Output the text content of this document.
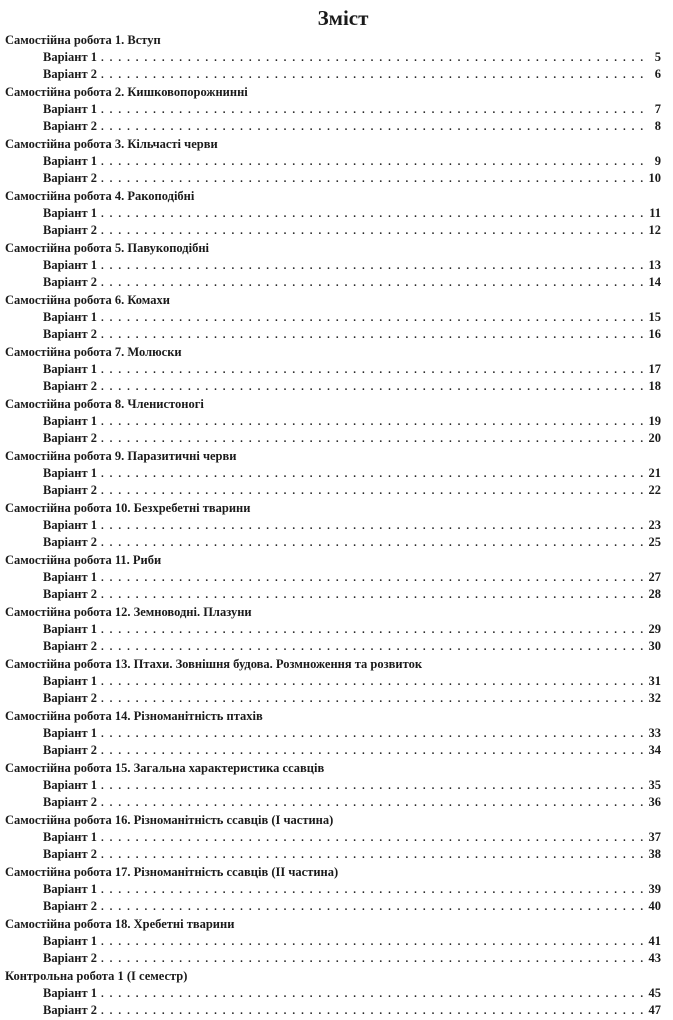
Зміст
Самостійна робота 1. Вступ
Варіант 1 . . .	5
Варіант 2 . . .	6
Самостійна робота 2. Кишковопорожнинні
Варіант 1 . . .	7
Варіант 2 . . .	8
Самостійна робота 3. Кільчасті черви
Варіант 1 . . .	9
Варіант 2 . . .	10
Самостійна робота 4. Ракоподібні
Варіант 1 . . .	11
Варіант 2 . . .	12
Самостійна робота 5. Павукоподібні
Варіант 1 . . .	13
Варіант 2 . . .	14
Самостійна робота 6. Комахи
Варіант 1 . . .	15
Варіант 2 . . .	16
Самостійна робота 7. Молюски
Варіант 1 . . .	17
Варіант 2 . . .	18
Самостійна робота 8. Членистоногі
Варіант 1 . . .	19
Варіант 2 . . .	20
Самостійна робота 9. Паразитичні черви
Варіант 1 . . .	21
Варіант 2 . . .	22
Самостійна робота 10. Безхребетні тварини
Варіант 1 . . .	23
Варіант 2 . . .	25
Самостійна робота 11. Риби
Варіант 1 . . .	27
Варіант 2 . . .	28
Самостійна робота 12. Земноводні. Плазуни
Варіант 1 . . .	29
Варіант 2 . . .	30
Самостійна робота 13. Птахи. Зовнішня будова. Розмноження та розвиток
Варіант 1 . . .	31
Варіант 2 . . .	32
Самостійна робота 14. Різноманітність птахів
Варіант 1 . . .	33
Варіант 2 . . .	34
Самостійна робота 15. Загальна характеристика ссавців
Варіант 1 . . .	35
Варіант 2 . . .	36
Самостійна робота 16. Різноманітність ссавців (І частина)
Варіант 1 . . .	37
Варіант 2 . . .	38
Самостійна робота 17. Різноманітність ссавців (ІІ частина)
Варіант 1 . . .	39
Варіант 2 . . .	40
Самостійна робота 18. Хребетні тварини
Варіант 1 . . .	41
Варіант 2 . . .	43
Контрольна робота 1 (І семестр)
Варіант 1 . . .	45
Варіант 2 . . .	47
